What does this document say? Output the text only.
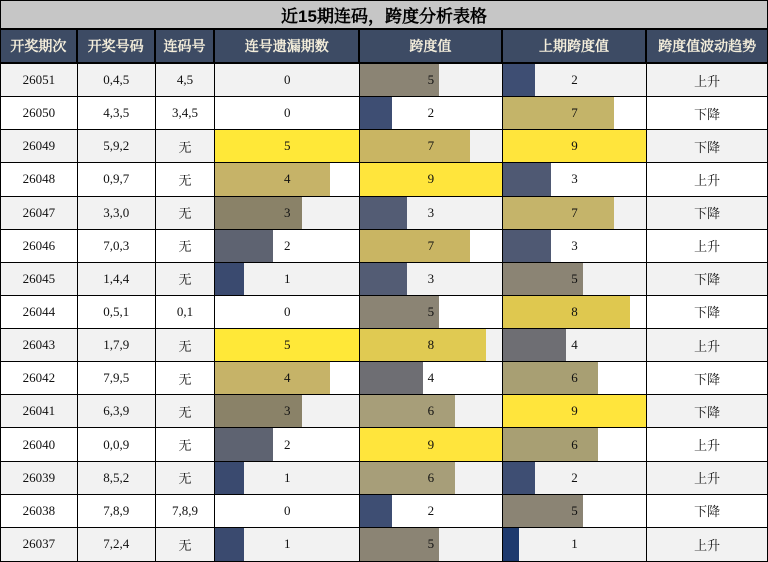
近15期连码，跨度分析表格
开奖期次	开奖号码	连码号	连号遗漏期数	跨度值	上期跨度值	跨度值波动趋势
26051	0,4,5	4,5	0	5	2	上升
26050	4,3,5	3,4,5	0	2	7	下降
26049	5,9,2	无	5	7	9	下降
26048	0,9,7	无	4	9	3	上升
26047	3,3,0	无	3	3	7	下降
26046	7,0,3	无	2	7	3	上升
26045	1,4,4	无	1	3	5	下降
26044	0,5,1	0,1	0	5	8	下降
26043	1,7,9	无	5	8	4	上升
26042	7,9,5	无	4	4	6	下降
26041	6,3,9	无	3	6	9	下降
26040	0,0,9	无	2	9	6	上升
26039	8,5,2	无	1	6	2	上升
26038	7,8,9	7,8,9	0	2	5	下降
26037	7,2,4	无	1	5	1	上升
